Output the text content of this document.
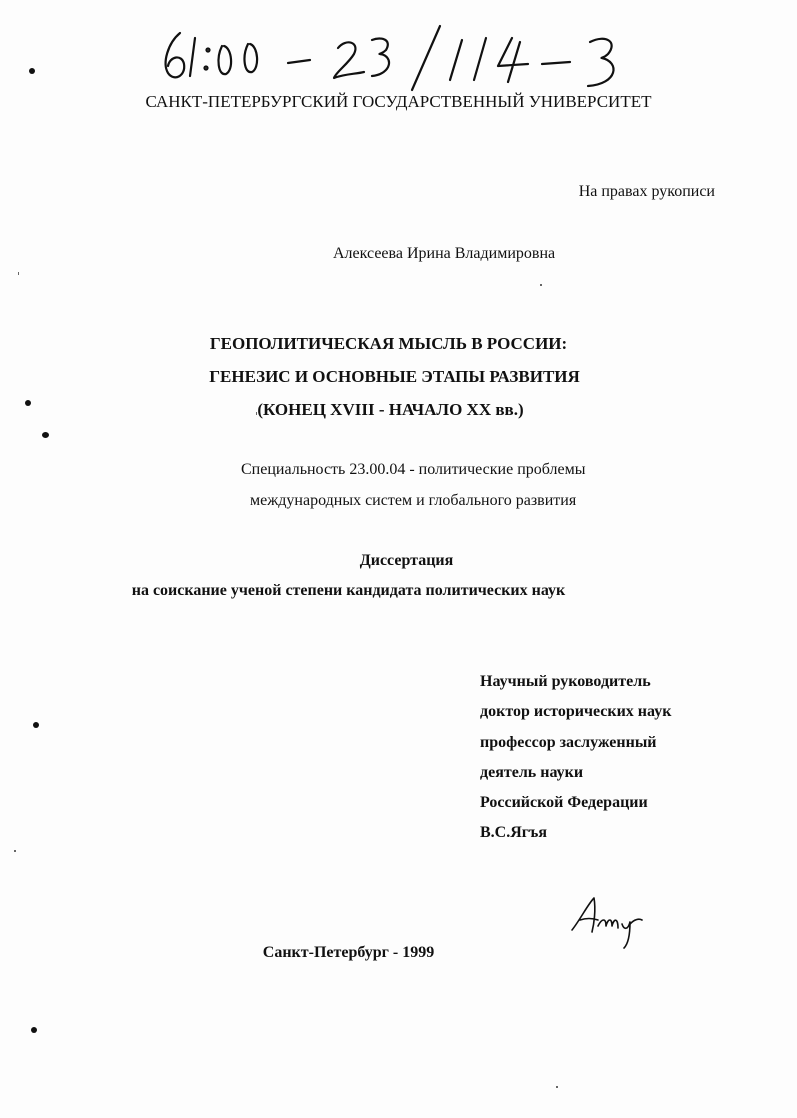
САНКТ-ПЕТЕРБУРГСКИЙ ГОСУДАРСТВЕННЫЙ УНИВЕРСИТЕТ
На правах рукописи
Алексеева Ирина Владимировна
ГЕОПОЛИТИЧЕСКАЯ МЫСЛЬ В РОССИИ:
ГЕНЕЗИС И ОСНОВНЫЕ ЭТАПЫ РАЗВИТИЯ
(КОНЕЦ XVIII - НАЧАЛО XX вв.)
Специальность 23.00.04 - политические проблемы
международных систем и глобального развития
Диссертация
на соискание ученой степени кандидата политических наук
Научный руководитель
доктор исторических наук
профессор заслуженный
деятель науки
Российской Федерации
В.С.Ягъя
Санкт-Петербург - 1999
